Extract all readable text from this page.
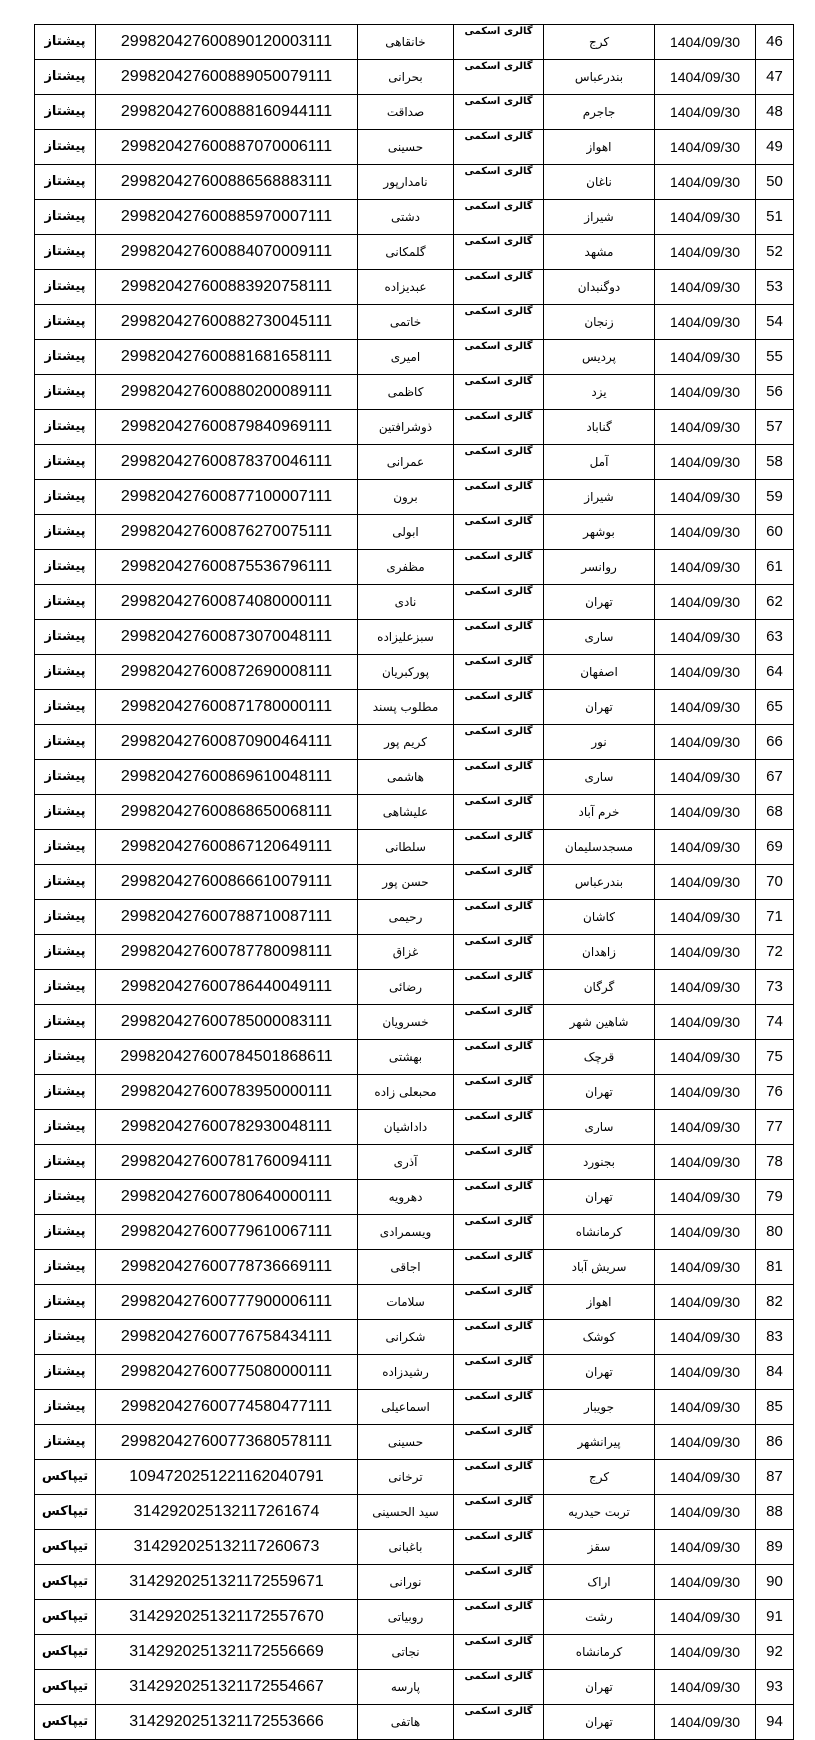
پیشتاز	299820427600890120003111	خانقاهی	گالری اسکمی	کرج	1404/09/30	46
پیشتاز	299820427600889050079111	بحرانی	گالری اسکمی	بندرعباس	1404/09/30	47
پیشتاز	299820427600888160944111	صداقت	گالری اسکمی	جاجرم	1404/09/30	48
پیشتاز	299820427600887070006111	حسینی	گالری اسکمی	اهواز	1404/09/30	49
پیشتاز	299820427600886568883111	نامدارپور	گالری اسکمی	ناغان	1404/09/30	50
پیشتاز	299820427600885970007111	دشتی	گالری اسکمی	شیراز	1404/09/30	51
پیشتاز	299820427600884070009111	گلمکانی	گالری اسکمی	مشهد	1404/09/30	52
پیشتاز	299820427600883920758111	عبدیزاده	گالری اسکمی	دوگنبدان	1404/09/30	53
پیشتاز	299820427600882730045111	خاتمی	گالری اسکمی	زنجان	1404/09/30	54
پیشتاز	299820427600881681658111	امیری	گالری اسکمی	پردیس	1404/09/30	55
پیشتاز	299820427600880200089111	کاظمی	گالری اسکمی	یزد	1404/09/30	56
پیشتاز	299820427600879840969111	ذوشرافتین	گالری اسکمی	گناباد	1404/09/30	57
پیشتاز	299820427600878370046111	عمرانی	گالری اسکمی	آمل	1404/09/30	58
پیشتاز	299820427600877100007111	برون	گالری اسکمی	شیراز	1404/09/30	59
پیشتاز	299820427600876270075111	ابولی	گالری اسکمی	بوشهر	1404/09/30	60
پیشتاز	299820427600875536796111	مظفری	گالری اسکمی	روانسر	1404/09/30	61
پیشتاز	299820427600874080000111	نادی	گالری اسکمی	تهران	1404/09/30	62
پیشتاز	299820427600873070048111	سبزعلیزاده	گالری اسکمی	ساری	1404/09/30	63
پیشتاز	299820427600872690008111	پورکبریان	گالری اسکمی	اصفهان	1404/09/30	64
پیشتاز	299820427600871780000111	مطلوب پسند	گالری اسکمی	تهران	1404/09/30	65
پیشتاز	299820427600870900464111	کریم پور	گالری اسکمی	نور	1404/09/30	66
پیشتاز	299820427600869610048111	هاشمی	گالری اسکمی	ساری	1404/09/30	67
پیشتاز	299820427600868650068111	علیشاهی	گالری اسکمی	خرم آباد	1404/09/30	68
پیشتاز	299820427600867120649111	سلطانی	گالری اسکمی	مسجدسلیمان	1404/09/30	69
پیشتاز	299820427600866610079111	حسن پور	گالری اسکمی	بندرعباس	1404/09/30	70
پیشتاز	299820427600788710087111	رحیمی	گالری اسکمی	کاشان	1404/09/30	71
پیشتاز	299820427600787780098111	غزاق	گالری اسکمی	زاهدان	1404/09/30	72
پیشتاز	299820427600786440049111	رضائی	گالری اسکمی	گرگان	1404/09/30	73
پیشتاز	299820427600785000083111	خسرویان	گالری اسکمی	شاهین شهر	1404/09/30	74
پیشتاز	299820427600784501868611	بهشتی	گالری اسکمی	قرچک	1404/09/30	75
پیشتاز	299820427600783950000111	محبعلی زاده	گالری اسکمی	تهران	1404/09/30	76
پیشتاز	299820427600782930048111	داداشیان	گالری اسکمی	ساری	1404/09/30	77
پیشتاز	299820427600781760094111	آذری	گالری اسکمی	بجنورد	1404/09/30	78
پیشتاز	299820427600780640000111	دهرویه	گالری اسکمی	تهران	1404/09/30	79
پیشتاز	299820427600779610067111	ویسمرادی	گالری اسکمی	کرمانشاه	1404/09/30	80
پیشتاز	299820427600778736669111	اجاقی	گالری اسکمی	سریش آباد	1404/09/30	81
پیشتاز	299820427600777900006111	سلامات	گالری اسکمی	اهواز	1404/09/30	82
پیشتاز	299820427600776758434111	شکرانی	گالری اسکمی	کوشک	1404/09/30	83
پیشتاز	299820427600775080000111	رشیدزاده	گالری اسکمی	تهران	1404/09/30	84
پیشتاز	299820427600774580477111	اسماعیلی	گالری اسکمی	جویبار	1404/09/30	85
پیشتاز	299820427600773680578111	حسینی	گالری اسکمی	پیرانشهر	1404/09/30	86
تیپاکس	109472025122116204079​1	ترخانی	گالری اسکمی	کرج	1404/09/30	87
تیپاکس	314292025132117261674	سید الحسینی	گالری اسکمی	تربت حیدریه	1404/09/30	88
تیپاکس	314292025132117260673	باغبانی	گالری اسکمی	سقز	1404/09/30	89
تیپاکس	314292025132117255967​1	نورانی	گالری اسکمی	اراک	1404/09/30	90
تیپاکس	314292025132117255767​0	روبیاتی	گالری اسکمی	رشت	1404/09/30	91
تیپاکس	314292025132117255666​9	نجاتی	گالری اسکمی	کرمانشاه	1404/09/30	92
تیپاکس	314292025132117255466​7	پارسه	گالری اسکمی	تهران	1404/09/30	93
تیپاکس	314292025132117255366​6	هاتفی	گالری اسکمی	تهران	1404/09/30	94
